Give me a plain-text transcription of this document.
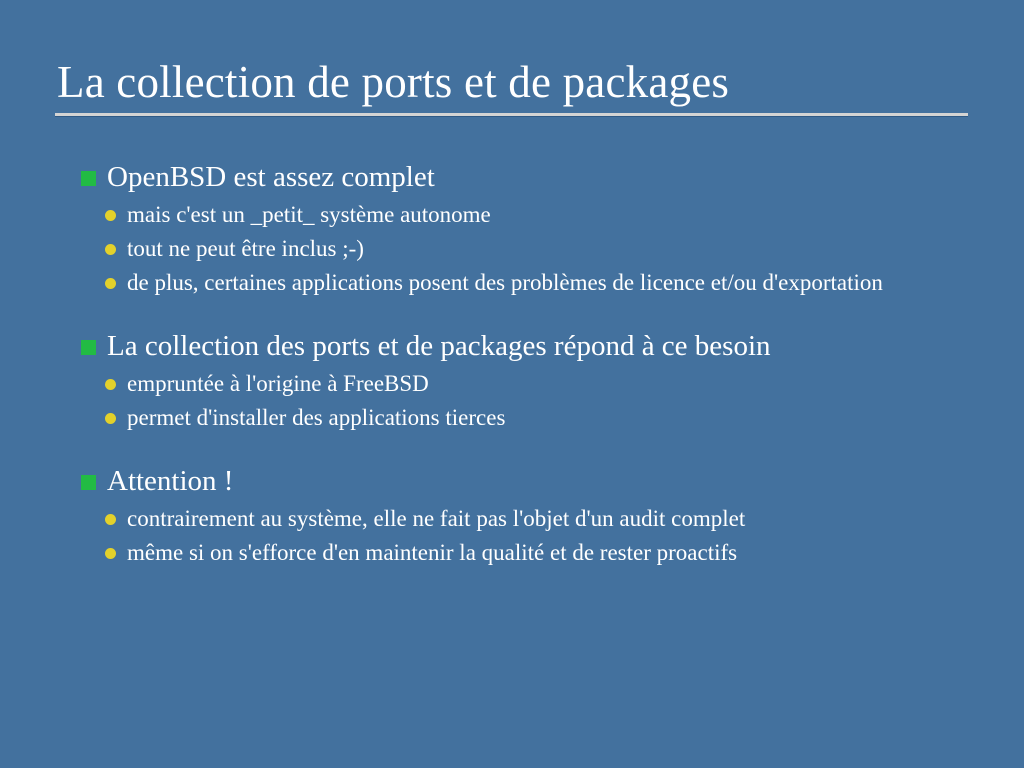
La collection de ports et de packages
OpenBSD est assez complet
mais c'est un _petit_ système autonome
tout ne peut être inclus ;-)
de plus, certaines applications posent des problèmes de licence et/ou d'exportation
La collection des ports et de packages répond à ce besoin
empruntée à l'origine à FreeBSD
permet d'installer des applications tierces
Attention !
contrairement au système, elle ne fait pas l'objet d'un audit complet
même si on s'efforce d'en maintenir la qualité et de rester proactifs
